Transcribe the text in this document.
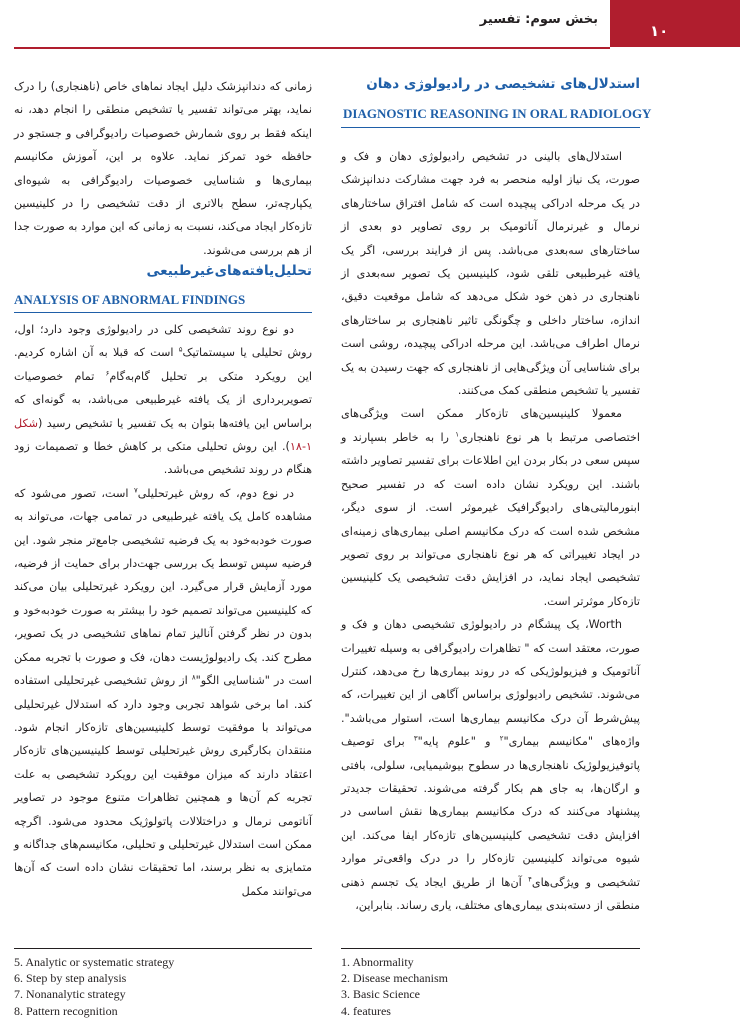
۱۰
بخش سوم: تفسیر
استدلال‌های تشخیصی در رادیولوژی دهان
DIAGNOSTIC REASONING IN ORAL RADIOLOGY

استدلال‌های بالینی در تشخیص رادیولوژی دهان و فک و صورت، یک نیاز اولیه منحصر به فرد جهت مشارکت دندانپزشک در یک مرحله ادراکی پیچیده است که شامل افتراق ساختارهای نرمال و غیرنرمال آناتومیک بر روی تصاویر دو بعدی از ساختارهای سه‌بعدی می‌باشد. پس از فرایند بررسی، اگر یک یافته غیرطبیعی تلقی شود، کلینیسین یک تصویر سه‌بعدی از ناهنجاری در ذهن خود شکل می‌دهد که شامل موقعیت دقیق، اندازه، ساختار داخلی و چگونگی تاثیر ناهنجاری بر ساختارهای نرمال اطراف می‌باشد. این مرحله ادراکی پیچیده، روشی است برای شناسایی آن ویژگی‌هایی از ناهنجاری که جهت رسیدن به یک تفسیر یا تشخیص منطقی کمک می‌کنند.

معمولا کلینیسین‌های تازه‌کار ممکن است ویژگی‌های اختصاصی مرتبط با هر نوع ناهنجاری$^۱$ را به خاطر بسپارند و سپس سعی در بکار بردن این اطلاعات برای تفسیر تصاویر داشته باشند. این رویکرد نشان داده است که در تفسیر صحیح ابنورمالیتی‌های رادیوگرافیک غیرموثر است. از سوی دیگر، مشخص شده است که درک مکانیسم اصلی بیماری‌های زمینه‌ای در ایجاد تغییراتی که هر نوع ناهنجاری می‌تواند بر روی تصویر تشخیصی ایجاد نماید، در افزایش دقت تشخیصی یک کلینیسین تازه‌کار موثرتر است.

Worth، یک پیشگام در رادیولوژی تشخیصی دهان و فک و صورت، معتقد است که " تظاهرات رادیوگرافی به وسیله تغییرات آناتومیک و فیزیولوژیکی که در روند بیماری‌ها رخ می‌دهد، کنترل می‌شوند. تشخیص رادیولوژی براساس آگاهی از این تغییرات، که پیش‌شرط آن درک مکانیسم بیماری‌ها است، استوار می‌باشد". واژه‌های "مکانیسم بیماری"$^۲$ و "علوم پایه"$^۳$ برای توصیف پاتوفیزیولوژیک ناهنجاری‌ها در سطوح بیوشیمیایی، سلولی، بافتی و ارگان‌ها، به جای هم بکار گرفته می‌شوند. تحقیقات جدیدتر پیشنهاد می‌کنند که درک مکانیسم بیماری‌ها نقش اساسی در افزایش دقت تشخیصی کلینیسین‌های تازه‌کار ایفا می‌کند. این شیوه می‌تواند کلینیسین تازه‌کار را در درک واقعی‌تر موارد تشخیصی و ویژگی‌های$^۴$ آن‌ها از طریق ایجاد یک تجسم ذهنی منطقی از دسته‌بندی بیماری‌های مختلف، یاری رساند. بنابراین،

زمانی که دندانپزشک دلیل ایجاد نماهای خاص (ناهنجاری) را درک نماید، بهتر می‌تواند تفسیر یا تشخیص منطقی را انجام دهد، نه اینکه فقط بر روی شمارش خصوصیات رادیوگرافی و جستجو در حافظه خود تمرکز نماید. علاوه بر این، آموزش مکانیسم بیماری‌ها و شناسایی خصوصیات رادیوگرافی به شیوه‌ای یکپارچه‌تر، سطح بالاتری از دقت تشخیصی را در کلینیسین تازه‌کار ایجاد می‌کند، نسبت به زمانی که این موارد به صورت جدا از هم بررسی می‌شوند.

تحلیل‌یافته‌های‌غیرطبیعی
ANALYSIS OF ABNORMAL FINDINGS

دو نوع روند تشخیصی کلی در رادیولوژی وجود دارد؛ اول، روش تحلیلی یا سیستماتیک$^۵$ است که قبلا به آن اشاره کردیم. این رویکرد متکی بر تحلیل گام‌به‌گام$^۶$ تمام خصوصیات تصویربرداری از یک یافته غیرطبیعی می‌باشد، به گونه‌ای که براساس این یافته‌ها بتوان به یک تفسیر یا تشخیص رسید (شکل ۱-۱۸). این روش تحلیلی متکی بر کاهش خطا و تصمیمات زود هنگام در روند تشخیص می‌باشد.

در نوع دوم، که روش غیرتحلیلی$^۷$ است، تصور می‌شود که مشاهده کامل یک یافته غیرطبیعی در تمامی جهات، می‌تواند به صورت خود‌به‌خود به یک فرضیه تشخیصی جامع‌تر منجر شود. این فرضیه سپس توسط یک بررسی جهت‌دار برای حمایت از فرضیه، مورد آزمایش قرار می‌گیرد. این رویکرد غیرتحلیلی بیان می‌کند که کلینیسین می‌تواند تصمیم خود را بیشتر به صورت خودبه‌خود و بدون در نظر گرفتن آنالیز تمام نماهای تشخیصی در یک تصویر، مطرح کند. یک رادیولوژیست دهان، فک و صورت با تجربه ممکن است در "شناسایی الگو"$^۸$ از روش تشخیصی غیرتحلیلی استفاده کند. اما برخی شواهد تجربی وجود دارد که استدلال غیرتحلیلی می‌تواند با موفقیت توسط کلینیسین‌های تازه‌کار انجام شود. منتقدان بکارگیری روش غیرتحلیلی توسط کلینیسین‌های تازه‌کار اعتقاد دارند که میزان موفقیت این رویکرد تشخیصی به علت تجربه کم آن‌ها و همچنین تظاهرات متنوع موجود در تصاویر آناتومی نرمال و دراختلالات پاتولوژیک محدود می‌شود. اگرچه ممکن است استدلال غیرتحلیلی و تحلیلی، مکانیسم‌های جداگانه و متمایزی به نظر برسند، اما تحقیقات نشان داده است که آن‌ها می‌توانند مکمل

5. Analytic or systematic strategy
6. Step by step analysis
7. Nonanalytic strategy
8. Pattern recognition
1. Abnormality
2. Disease mechanism
3. Basic Science
4. features
